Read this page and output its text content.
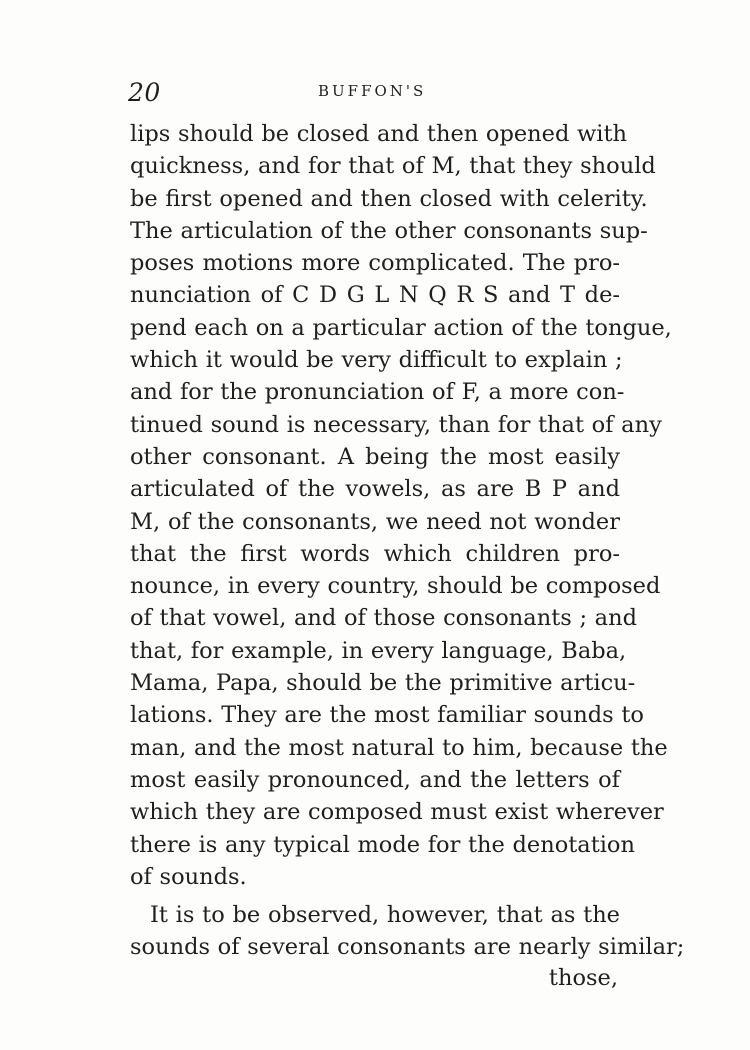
20	BUFFON'S
lips should be closed and then opened with
quickness, and for that of M, that they should
be first opened and then closed with celerity.
The articulation of the other consonants sup-
poses motions more complicated. The pro-
nunciation of C D G L N Q R S and T de-
pend each on a particular action of the tongue,
which it would be very difficult to explain ;
and for the pronunciation of F, a more con-
tinued sound is necessary, than for that of any
other consonant. A being the most easily
articulated of the vowels, as are B P and
M, of the consonants, we need not wonder
that the first words which children pro-
nounce, in every country, should be composed
of that vowel, and of those consonants ; and
that, for example, in every language, Baba,
Mama, Papa, should be the primitive articu-
lations. They are the most familiar sounds to
man, and the most natural to him, because the
most easily pronounced, and the letters of
which they are composed must exist wherever
there is any typical mode for the denotation
of sounds.
It is to be observed, however, that as the
sounds of several consonants are nearly similar;
those,
